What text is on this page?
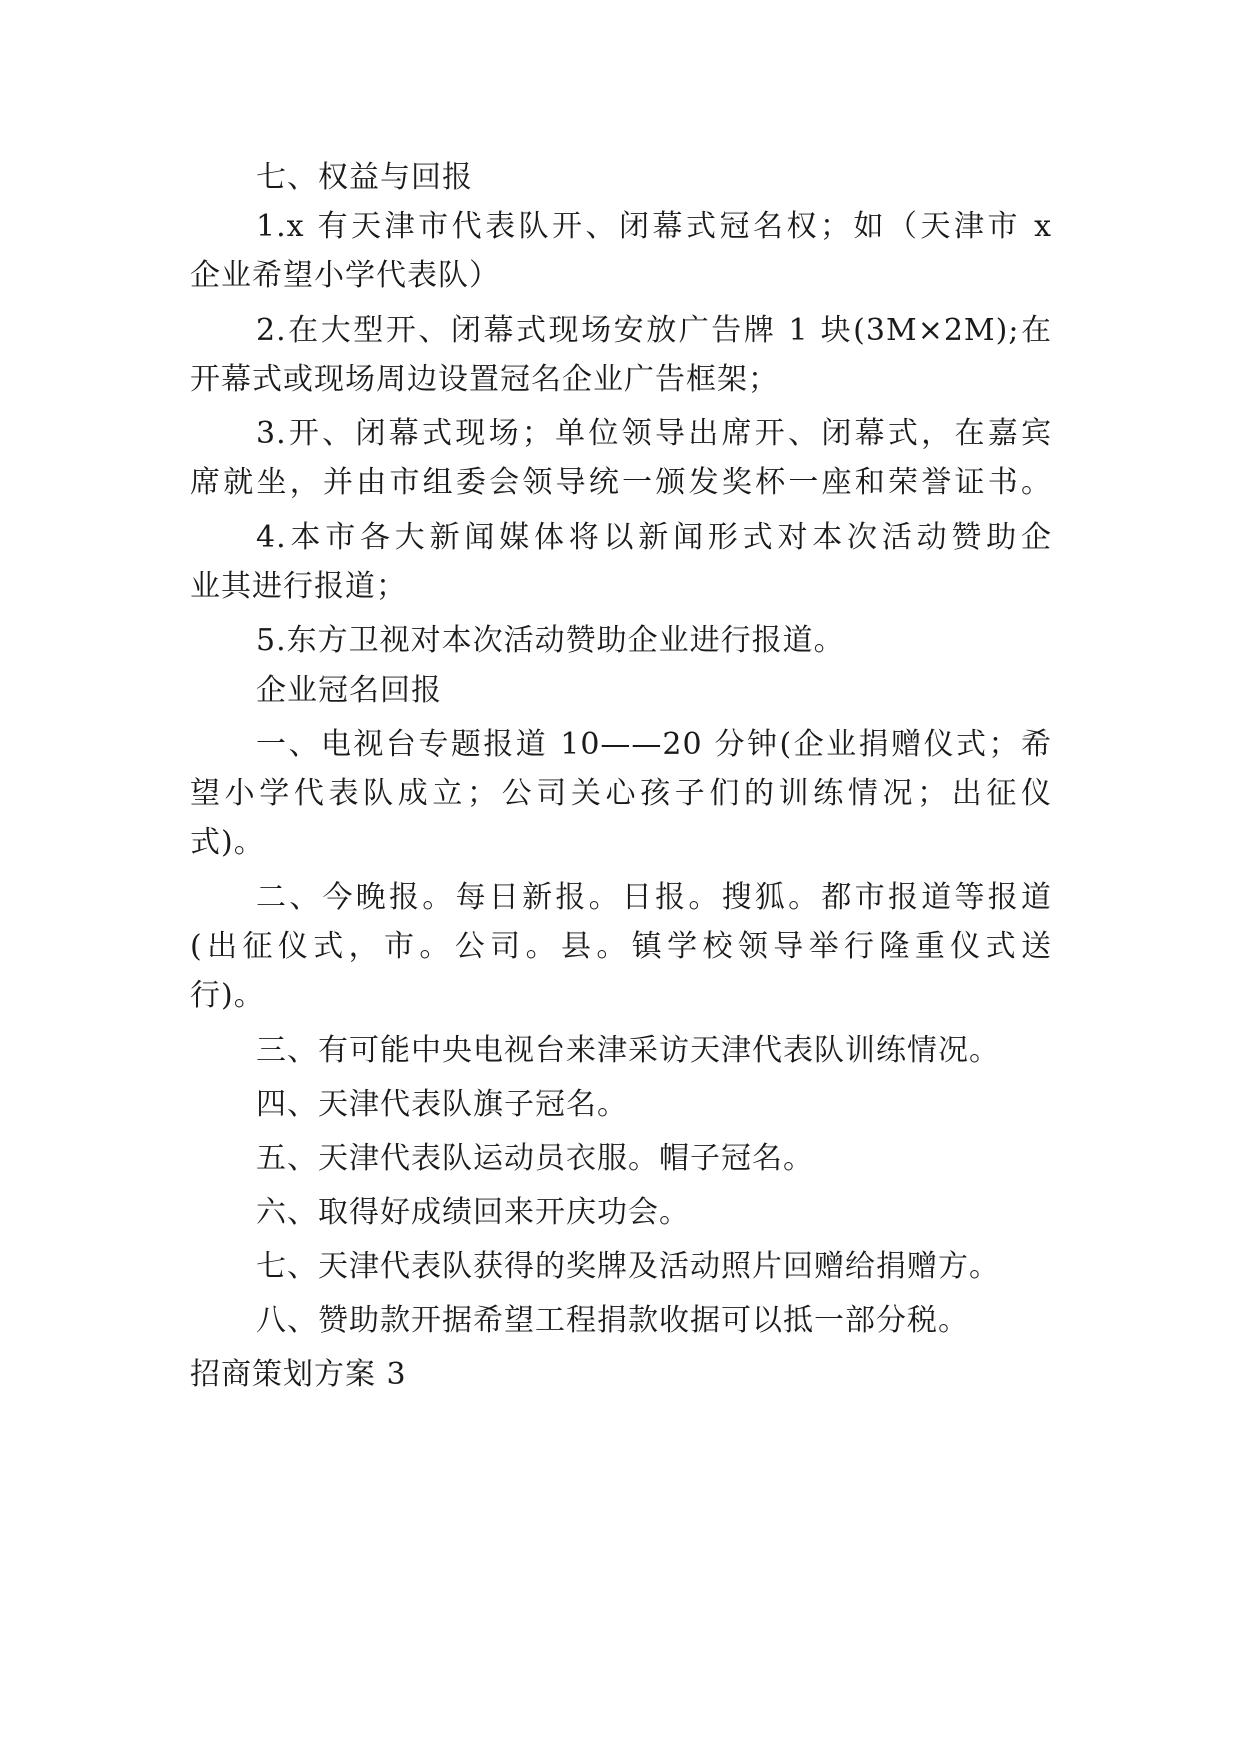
七、权益与回报
1.x 有天津市代表队开、闭幕式冠名权；如（天津市 x
企业希望小学代表队）
2.在大型开、闭幕式现场安放广告牌 1 块(3M×2M);在
开幕式或现场周边设置冠名企业广告框架；
3.开、闭幕式现场；单位领导出席开、闭幕式，在嘉宾
席就坐，并由市组委会领导统一颁发奖杯一座和荣誉证书。
4.本市各大新闻媒体将以新闻形式对本次活动赞助企
业其进行报道；
5.东方卫视对本次活动赞助企业进行报道。
企业冠名回报
一、电视台专题报道 10——20 分钟(企业捐赠仪式；希
望小学代表队成立；公司关心孩子们的训练情况；出征仪
式)。
二、今晚报。每日新报。日报。搜狐。都市报道等报道
(出征仪式，市。公司。县。镇学校领导举行隆重仪式送
行)。
三、有可能中央电视台来津采访天津代表队训练情况。
四、天津代表队旗子冠名。
五、天津代表队运动员衣服。帽子冠名。
六、取得好成绩回来开庆功会。
七、天津代表队获得的奖牌及活动照片回赠给捐赠方。
八、赞助款开据希望工程捐款收据可以抵一部分税。
招商策划方案 3
